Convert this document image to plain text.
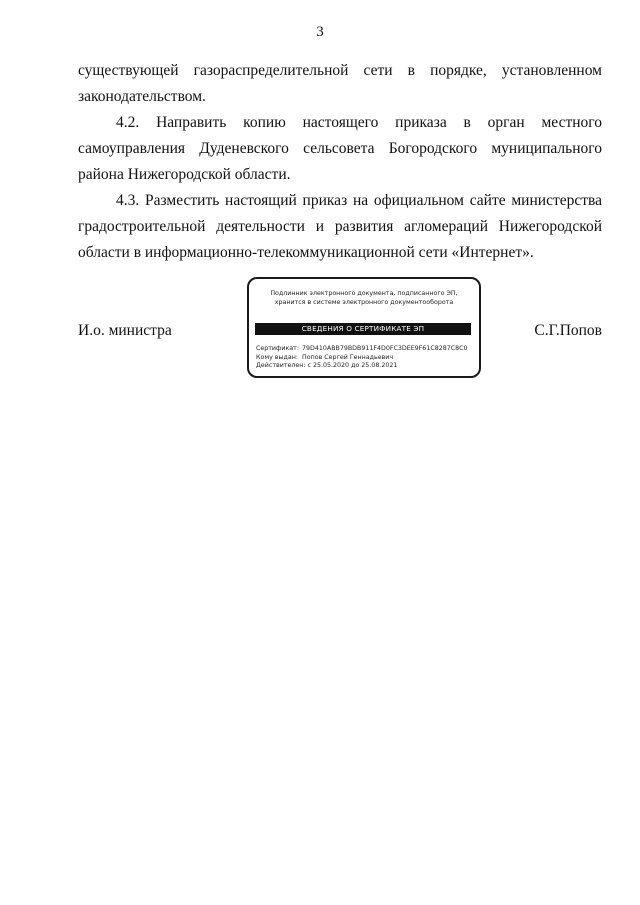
3

существующей газораспределительной сети в порядке, установленном законодательством.

4.2. Направить копию настоящего приказа в орган местного самоуправления Дуденевского сельсовета Богородского муниципального района Нижегородской области.

4.3. Разместить настоящий приказ на официальном сайте министерства градостроительной деятельности и развития агломераций Нижегородской области в информационно-телекоммуникационной сети «Интернет».

И.о. министра	С.Г.Попов
Подлинник электронного документа, подписанного ЭП,
хранится в системе электронного документооборота
СВЕДЕНИЯ О СЕРТИФИКАТЕ ЭП
Сертификат: 79D410ABB79BDB911F4D0FC3DEE9F61C8287C8C0
Кому выдан: Попов Сергей Геннадьевич
Действителен: с 25.05.2020 до 25.08.2021
